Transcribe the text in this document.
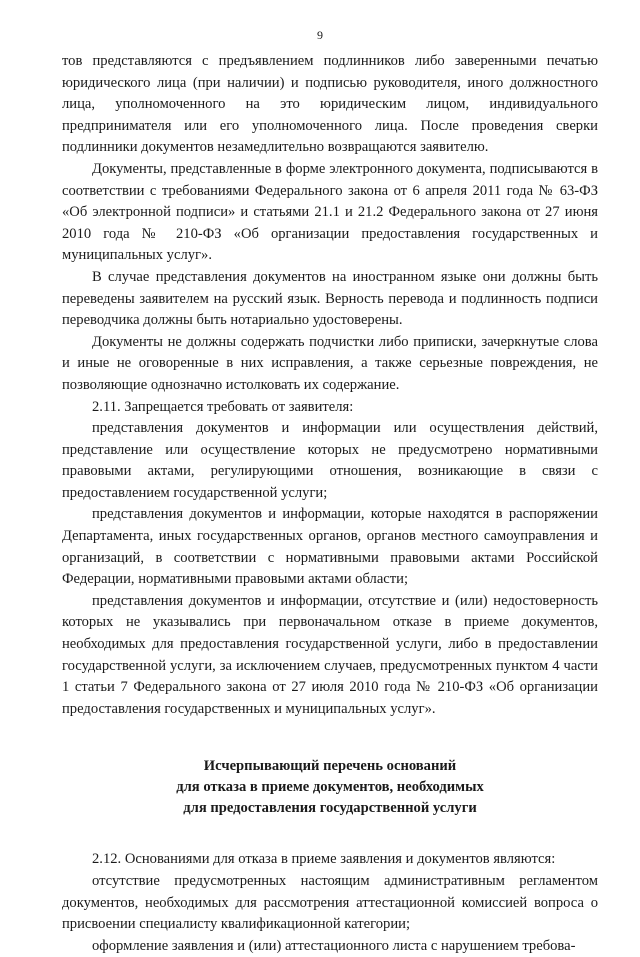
9

тов представляются с предъявлением подлинников либо заверенными печатью юридического лица (при наличии) и подписью руководителя, иного должностного лица, уполномоченного на это юридическим лицом, индивидуального предпринимателя или его уполномоченного лица. После проведения сверки подлинники документов незамедлительно возвращаются заявителю.

Документы, представленные в форме электронного документа, подписываются в соответствии с требованиями Федерального закона от 6 апреля 2011 года № 63-ФЗ «Об электронной подписи» и статьями 21.1 и 21.2 Федерального закона от 27 июня 2010 года № 210-ФЗ «Об организации предоставления государственных и муниципальных услуг».

В случае представления документов на иностранном языке они должны быть переведены заявителем на русский язык. Верность перевода и подлинность подписи переводчика должны быть нотариально удостоверены.

Документы не должны содержать подчистки либо приписки, зачеркнутые слова и иные не оговоренные в них исправления, а также серьезные повреждения, не позволяющие однозначно истолковать их содержание.

2.11. Запрещается требовать от заявителя:

представления документов и информации или осуществления действий, представление или осуществление которых не предусмотрено нормативными правовыми актами, регулирующими отношения, возникающие в связи с предоставлением государственной услуги;

представления документов и информации, которые находятся в распоряжении Департамента, иных государственных органов, органов местного самоуправления и организаций, в соответствии с нормативными правовыми актами Российской Федерации, нормативными правовыми актами области;

представления документов и информации, отсутствие и (или) недостоверность которых не указывались при первоначальном отказе в приеме документов, необходимых для предоставления государственной услуги, либо в предоставлении государственной услуги, за исключением случаев, предусмотренных пунктом 4 части 1 статьи 7 Федерального закона от 27 июля 2010 года № 210-ФЗ «Об организации предоставления государственных и муниципальных услуг».

Исчерпывающий перечень оснований
для отказа в приеме документов, необходимых
для предоставления государственной услуги

2.12. Основаниями для отказа в приеме заявления и документов являются:

отсутствие предусмотренных настоящим административным регламентом документов, необходимых для рассмотрения аттестационной комиссией вопроса о присвоении специалисту квалификационной категории;

оформление заявления и (или) аттестационного листа с нарушением требова-
